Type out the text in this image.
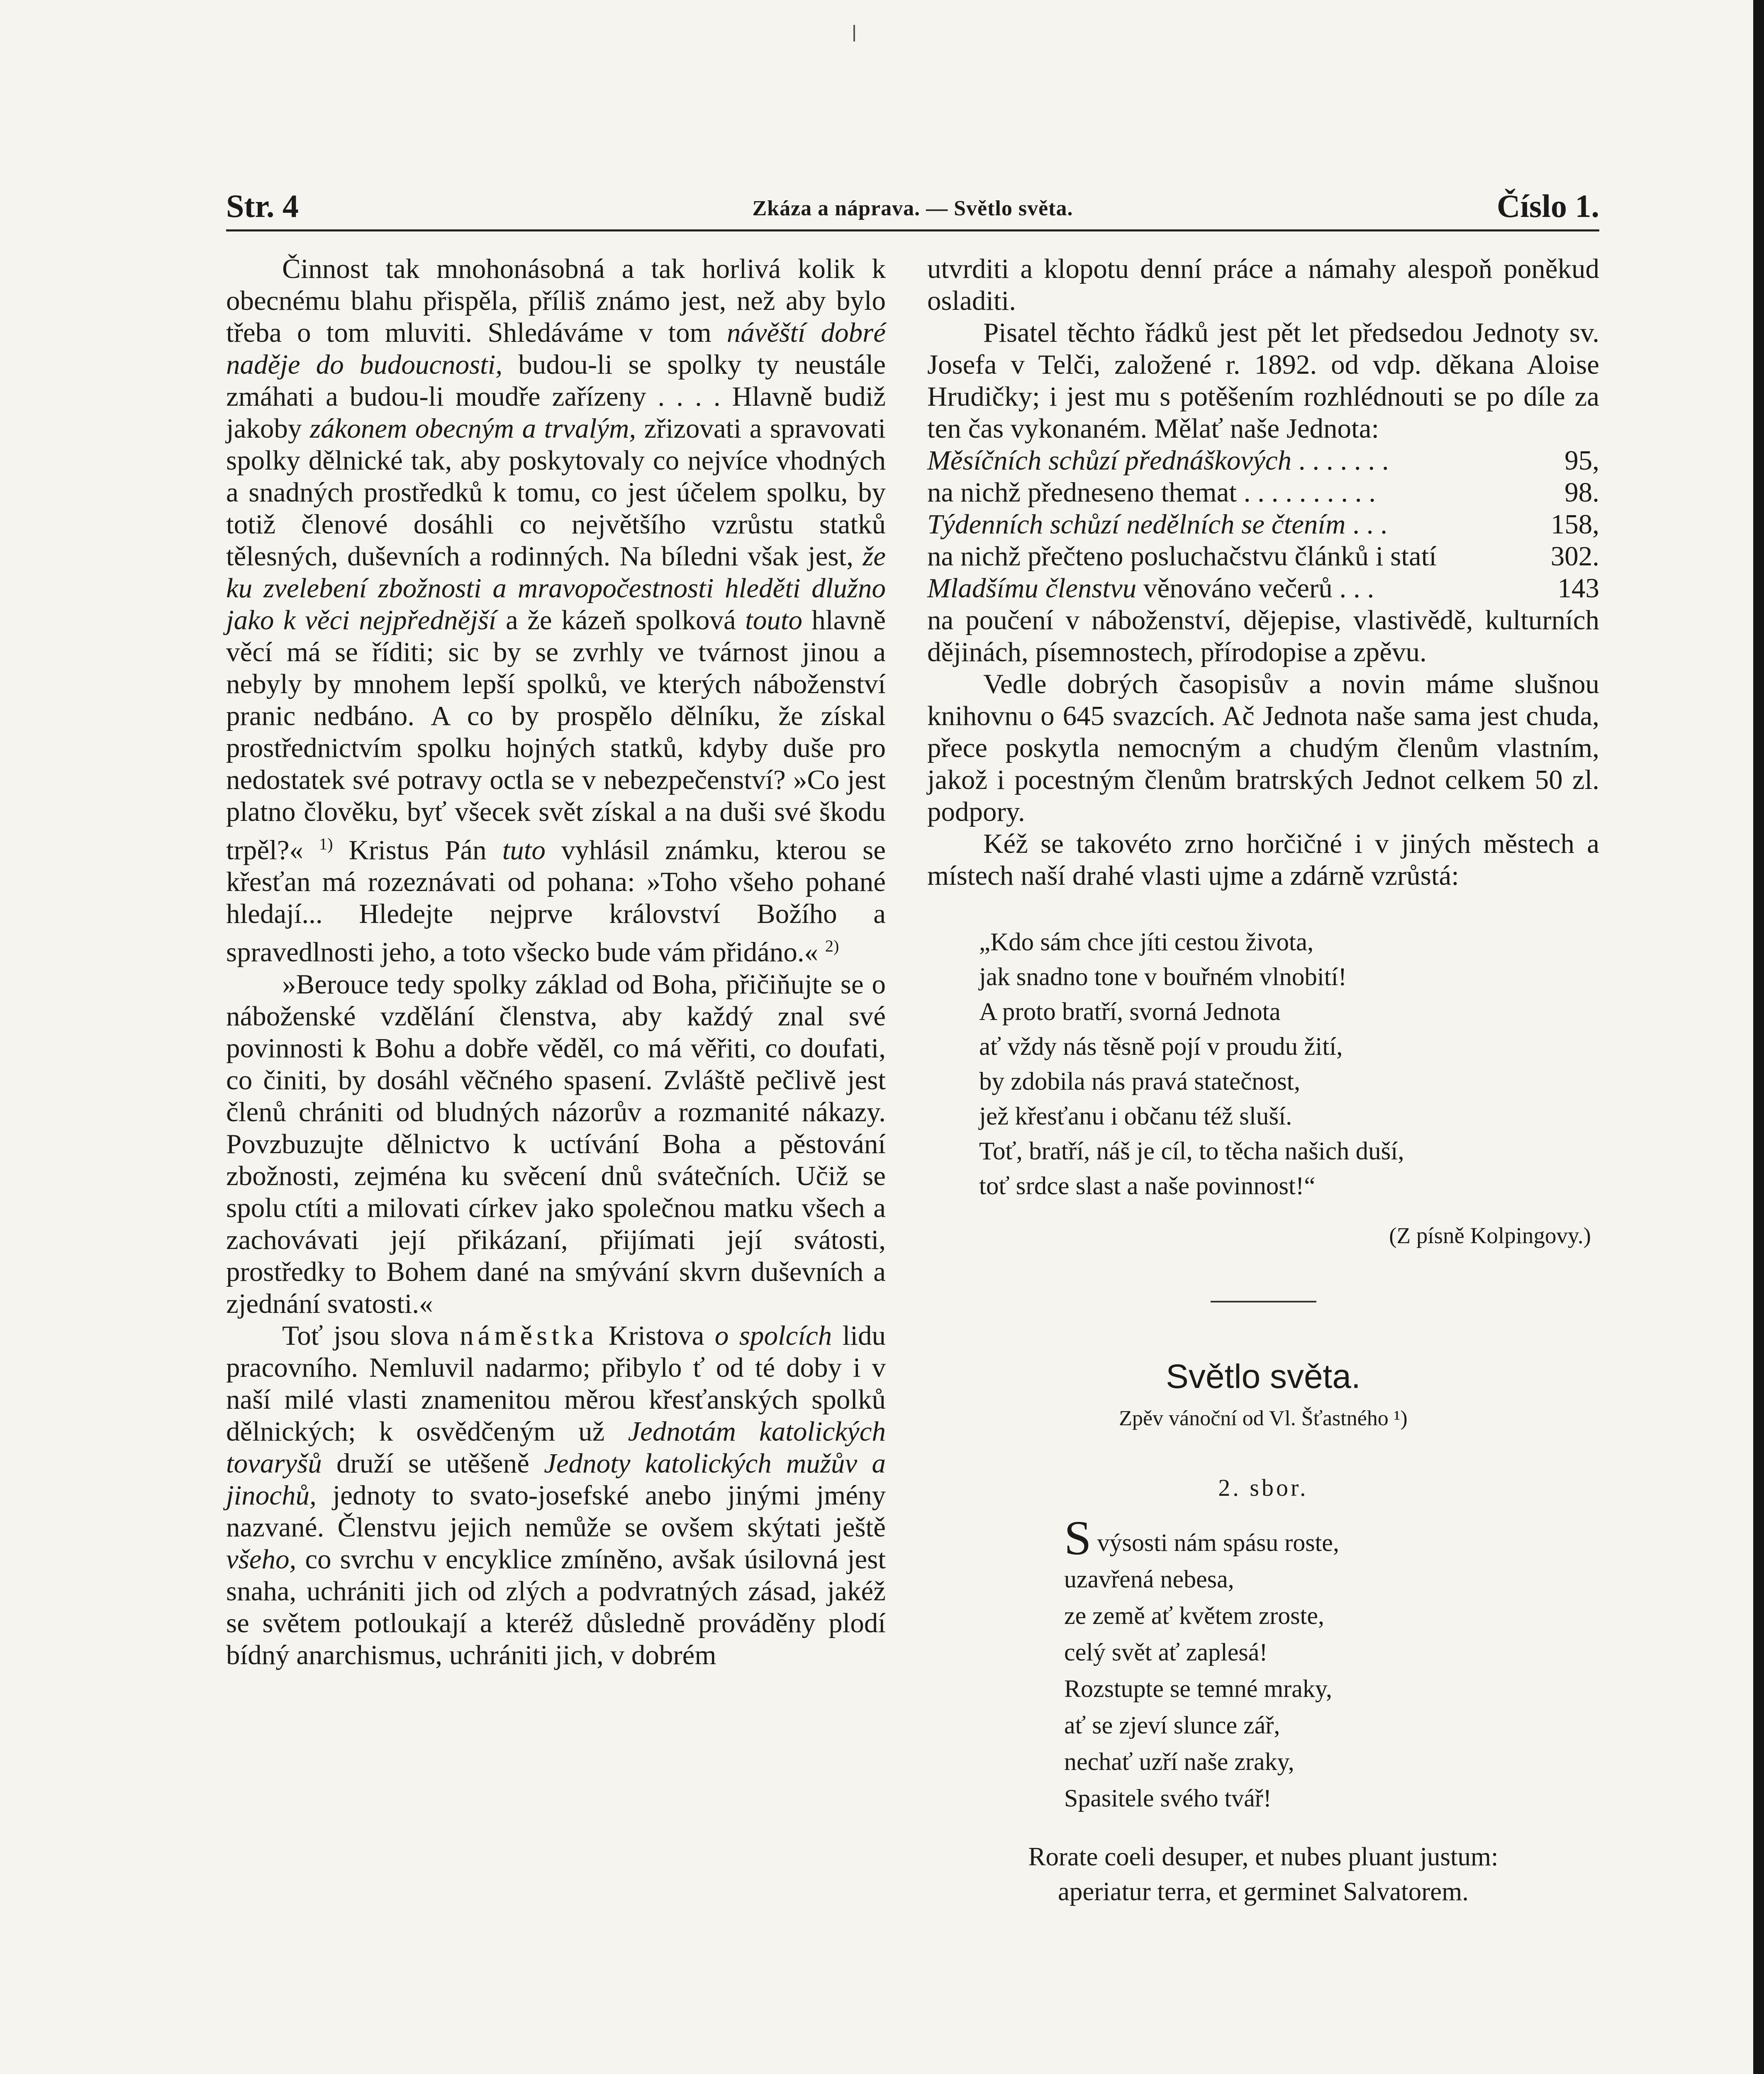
Str. 4	Zkáza a náprava. — Světlo světa.	Číslo 1.

Činnost tak mnohonásobná a tak horlivá kolik k obecnému blahu přispěla, příliš známo jest, než aby bylo třeba o tom mluviti. Shledáváme v tom návěští dobré naděje do budoucnosti, budou-li se spolky ty neustále zmáhati a budou-li moudře zařízeny . . . . Hlavně budiž jakoby zákonem obecným a trvalým, zřizovati a spravovati spolky dělnické tak, aby poskytovaly co nejvíce vhodných a snadných prostředků k tomu, co jest účelem spolku, by totiž členové dosáhli co největšího vzrůstu statků tělesných, duševních a rodinných. Na bíledni však jest, že ku zvelebení zbožnosti a mravopočestnosti hleděti dlužno jako k věci nejpřednější a že kázeň spolková touto hlavně věcí má se říditi; sic by se zvrhly ve tvárnost jinou a nebyly by mnohem lepší spolků, ve kterých náboženství pranic nedbáno. A co by prospělo dělníku, že získal prostřednictvím spolku hojných statků, kdyby duše pro nedostatek své potravy octla se v nebezpečenství? »Co jest platno člověku, byť všecek svět získal a na duši své škodu trpěl?« $^{1)}$ Kristus Pán tuto vyhlásil známku, kterou se křesťan má rozeznávati od pohana: »Toho všeho pohané hledají... Hledejte nejprve království Božího a spravedlnosti jeho, a toto všecko bude vám přidáno.« $^{2)}$

»Berouce tedy spolky základ od Boha, přičiňujte se o náboženské vzdělání členstva, aby každý znal své povinnosti k Bohu a dobře věděl, co má věřiti, co doufati, co činiti, by dosáhl věčného spasení. Zvláště pečlivě jest členů chrániti od bludných názorův a rozmanité nákazy. Povzbuzujte dělnictvo k uctívání Boha a pěstování zbožnosti, zejména ku svěcení dnů svátečních. Učiž se spolu ctíti a milovati církev jako společnou matku všech a zachovávati její přikázaní, přijímati její svátosti, prostředky to Bohem dané na smývání skvrn duševních a zjednání svatosti.«

Toť jsou slova náměstka Kristova o spolcích lidu pracovního. Nemluvil nadarmo; přibylo ť od té doby i v naší milé vlasti znamenitou měrou křesťanských spolků dělnických; k osvědčeným už Jednotám katolických tovaryšů druží se utěšeně Jednoty katolických mužův a jinochů, jednoty to svato-josefské anebo jinými jmény nazvané. Členstvu jejich nemůže se ovšem skýtati ještě všeho, co svrchu v encyklice zmíněno, avšak úsilovná jest snaha, uchrániti jich od zlých a podvratných zásad, jakéž se světem potloukají a kteréž důsledně prováděny plodí bídný anarchismus, uchrániti jich, v dobrém

utvrditi a klopotu denní práce a námahy alespoň poněkud osladiti.

Pisatel těchto řádků jest pět let předsedou Jednoty sv. Josefa v Telči, založené r. 1892. od vdp. děkana Aloise Hrudičky; i jest mu s potěšením rozhlédnouti se po díle za ten čas vykonaném. Mělať naše Jednota:

Měsíčních schůzí přednáškových . . . . . . .	95,
na nichž předneseno themat . . . . . . . . . .	98.
Týdenních schůzí nedělních se čtením . . .	158,
na nichž přečteno posluchačstvu článků i statí	302.
Mladšímu členstvu věnováno večerů . . .	143

na poučení v náboženství, dějepise, vlastivědě, kulturních dějinách, písemnostech, přírodopise a zpěvu.

Vedle dobrých časopisův a novin máme slušnou knihovnu o 645 svazcích. Ač Jednota naše sama jest chuda, přece poskytla nemocným a chudým členům vlastním, jakož i pocestným členům bratrských Jednot celkem 50 zl. podpory.

Kéž se takovéto zrno horčičné i v jiných městech a místech naší drahé vlasti ujme a zdárně vzrůstá:

„Kdo sám chce jíti cestou života,
jak snadno tone v bouřném vlnobití!
A proto bratří, svorná Jednota
ať vždy nás těsně pojí v proudu žití,
by zdobila nás pravá statečnost,
jež křesťanu i občanu též sluší.
Toť, bratří, náš je cíl, to těcha našich duší,
toť srdce slast a naše povinnost!“
(Z písně Kolpingovy.)
Světlo světa.
Zpěv vánoční od Vl. Šťastného ¹)
2. sbor.
Svýsosti nám spásu roste,
uzavřená nebesa,
ze země ať květem zroste,
celý svět ať zaplesá!
Rozstupte se temné mraky,
ať se zjeví slunce zář,
nechať uzří naše zraky,
Spasitele svého tvář!
Rorate coeli desuper, et nubes pluant justum:
aperiatur terra, et germinet Salvatorem.
